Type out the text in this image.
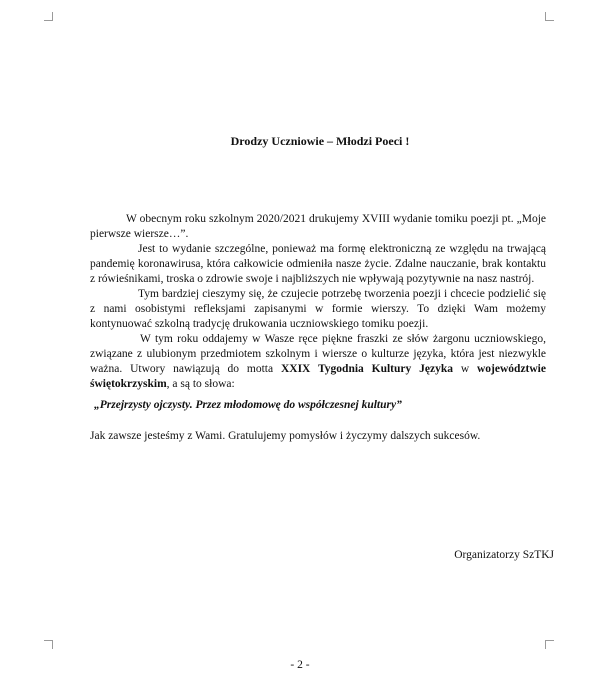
Drodzy Uczniowie – Młodzi Poeci !

W obecnym roku szkolnym 2020/2021 drukujemy XVIII wydanie tomiku poezji pt. „Moje pierwsze wiersze…”.

Jest to wydanie szczególne, ponieważ ma formę elektroniczną ze względu na trwającą pandemię koronawirusa, która całkowicie odmieniła nasze życie. Zdalne nauczanie, brak kontaktu z rówieśnikami, troska o zdrowie swoje i najbliższych nie wpływają pozytywnie na nasz nastrój.

Tym bardziej cieszymy się, że czujecie potrzebę tworzenia poezji i chcecie podzielić się z nami osobistymi refleksjami zapisanymi w formie wierszy. To dzięki Wam możemy kontynuować szkolną tradycję drukowania uczniowskiego tomiku poezji.

W tym roku oddajemy w Wasze ręce piękne fraszki ze słów żargonu uczniowskiego, związane z ulubionym przedmiotem szkolnym i wiersze o kulturze języka, która jest niezwykle ważna. Utwory nawiązują do motta XXIX Tygodnia Kultury Języka w województwie świętokrzyskim, a są to słowa:

„Przejrzysty ojczysty. Przez młodomowę do współczesnej kultury”

Jak zawsze jesteśmy z Wami. Gratulujemy pomysłów i życzymy dalszych sukcesów.

Organizatorzy SzTKJ
- 2 -
